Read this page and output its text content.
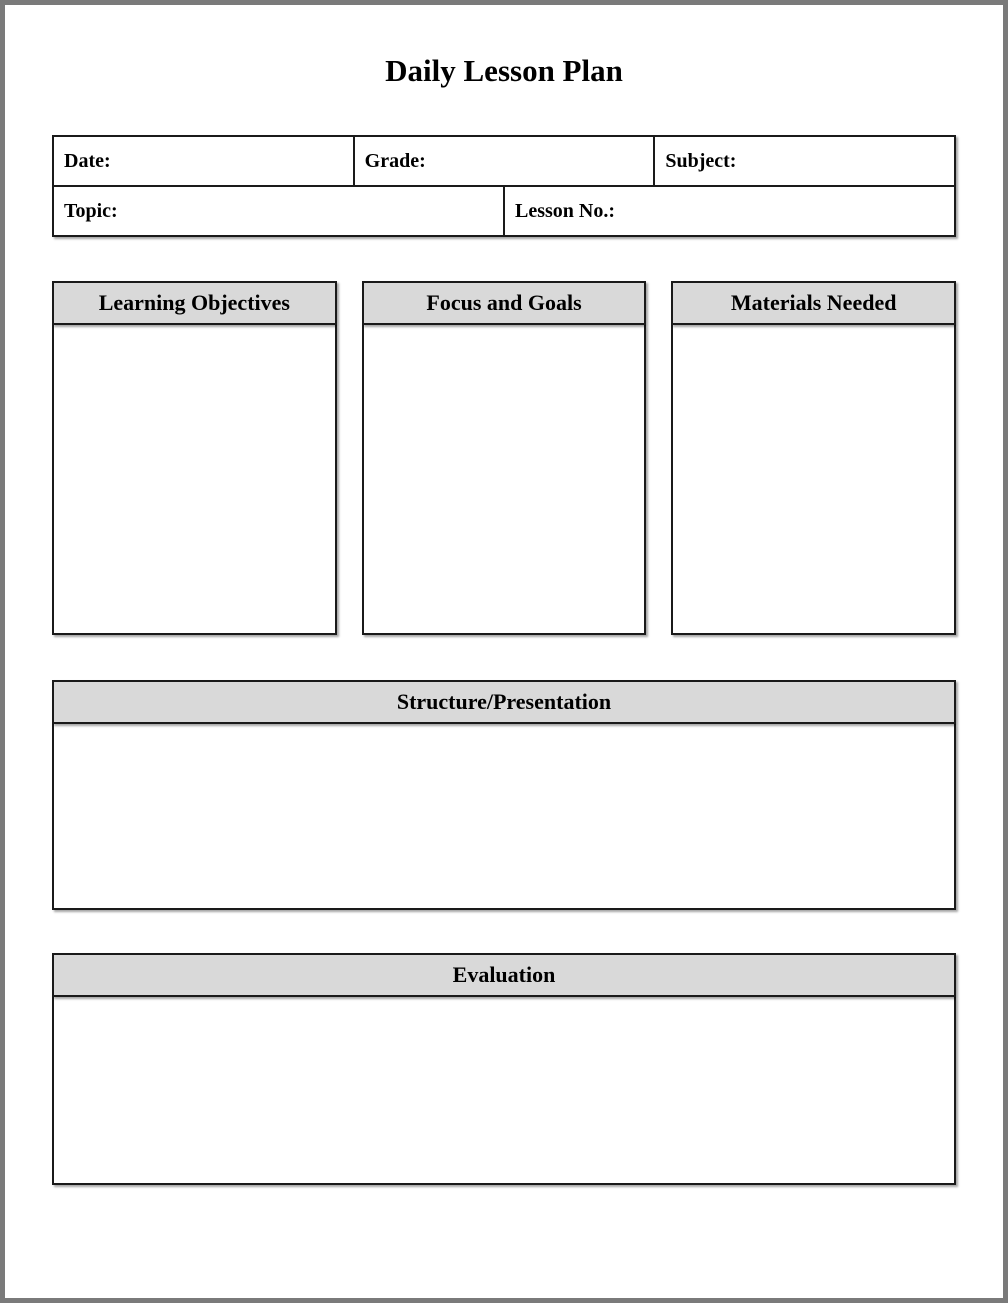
Daily Lesson Plan
Date:	Grade:	Subject:
Topic:	Lesson No.:
Learning Objectives	Focus and Goals	Materials Needed
Structure/Presentation
Evaluation
